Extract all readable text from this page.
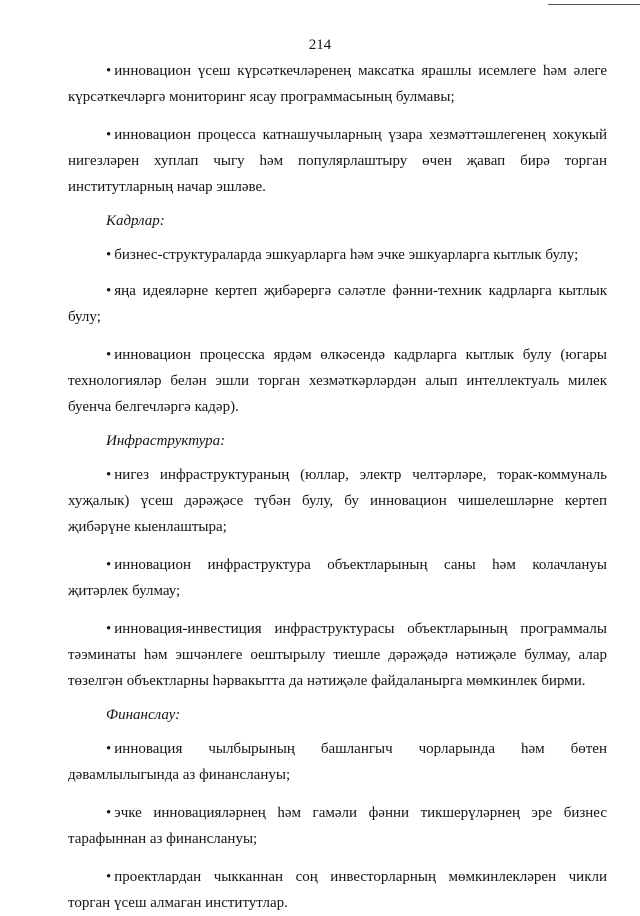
214

• инновацион үсеш күрсәткечләренең максатка ярашлы исемлеге һәм әлеге күрсәткечләргә мониторинг ясау программасының булмавы;

• инновацион процесса катнашучыларның үзара хезмәттәшлегенең хокукый нигезләрен хуплап чыгу һәм популярлаштыру өчен җавап бирә торган институтларның начар эшләве.

Кадрлар:

• бизнес-структураларда эшкуарларга һәм эчке эшкуарларга кытлык булу;

• яңа идеяләрне кертеп җибәрергә сәләтле фәнни-техник кадрларга кытлык булу;

• инновацион процесска ярдәм өлкәсендә кадрларга кытлык булу (югары технологияләр белән эшли торган хезмәткәрләрдән алып интеллектуаль милек буенча белгечләргә кадәр).

Инфраструктура:

• нигез инфраструктураның (юллар, электр челтәрләре, торак-коммуналь хуҗалык) үсеш дәрәҗәсе түбән булу, бу инновацион чишелешләрне кертеп җибәрүне кыенлаштыра;

• инновацион инфраструктура объектларының саны һәм колачлануы җитәрлек булмау;

• инновация-инвестиция инфраструктурасы объектларының программалы тәэминаты һәм эшчәнлеге оештырылу тиешле дәрәҗәдә нәтиҗәле булмау, алар төзелгән объектларны һәрвакытта да нәтиҗәле файдаланырга мөмкинлек бирми.

Финанслау:

• инновация чылбырының башлангыч чорларында һәм бөтен дәвамлылыгында аз финанслануы;

• эчке инновацияләрнең һәм гамәли фәнни тикшерүләрнең эре бизнес тарафыннан аз финанслануы;

• проектлардан чыкканнан соң инвесторларның мөмкинлекләрен чикли торган үсеш алмаган институтлар.
